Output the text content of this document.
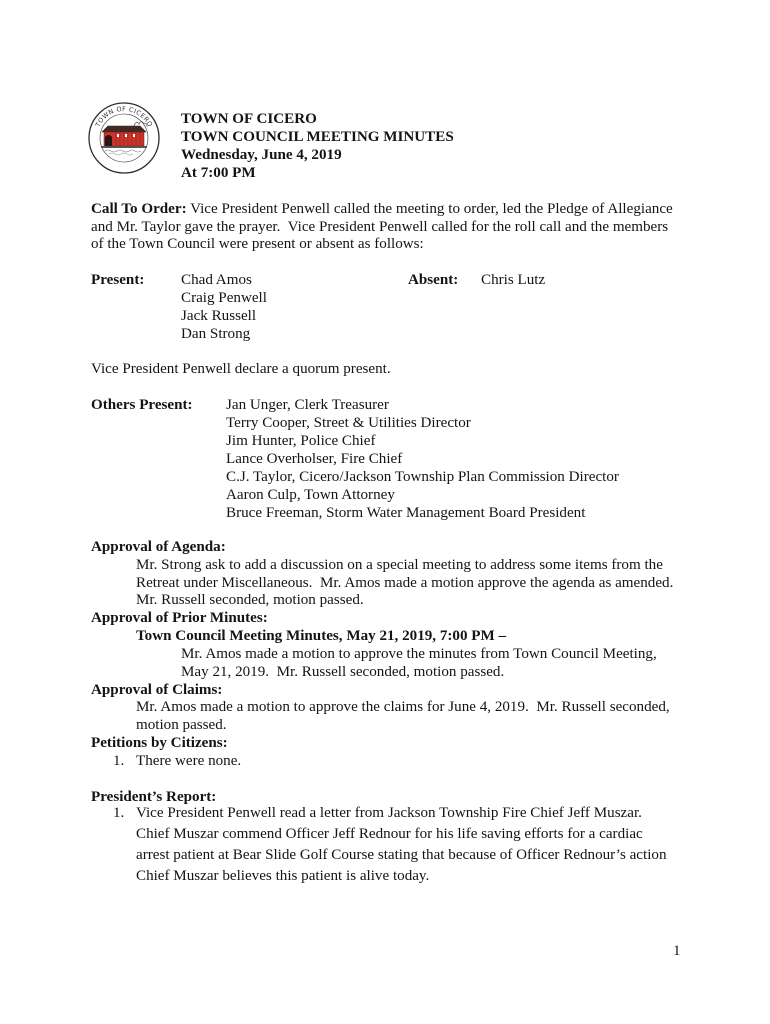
TOWN OF CICERO TOWN OF CICERO
TOWN COUNCIL MEETING MINUTES
Wednesday, June 4, 2019
At 7:00 PM
Call To Order: Vice President Penwell called the meeting to order, led the Pledge of Allegiance
and Mr. Taylor gave the prayer.  Vice President Penwell called for the roll call and the members
of the Town Council were present or absent as follows:
Present: Chad Amos
Craig Penwell
Jack Russell
Dan Strong
Absent: Chris Lutz
Vice President Penwell declare a quorum present.
Others Present: Jan Unger, Clerk Treasurer
Terry Cooper, Street & Utilities Director
Jim Hunter, Police Chief
Lance Overholser, Fire Chief
C.J. Taylor, Cicero/Jackson Township Plan Commission Director
Aaron Culp, Town Attorney
Bruce Freeman, Storm Water Management Board President
Approval of Agenda:
Mr. Strong ask to add a discussion on a special meeting to address some items from the
Retreat under Miscellaneous.  Mr. Amos made a motion approve the agenda as amended.
Mr. Russell seconded, motion passed.
Approval of Prior Minutes:
Town Council Meeting Minutes, May 21, 2019, 7:00 PM –
Mr. Amos made a motion to approve the minutes from Town Council Meeting,
May 21, 2019.  Mr. Russell seconded, motion passed.
Approval of Claims:
Mr. Amos made a motion to approve the claims for June 4, 2019.  Mr. Russell seconded,
motion passed.
Petitions by Citizens:
1. There were none.
President’s Report:
1. Vice President Penwell read a letter from Jackson Township Fire Chief Jeff Muszar.
Chief Muszar commend Officer Jeff Rednour for his life saving efforts for a cardiac
arrest patient at Bear Slide Golf Course stating that because of Officer Rednour’s action
Chief Muszar believes this patient is alive today.
1
